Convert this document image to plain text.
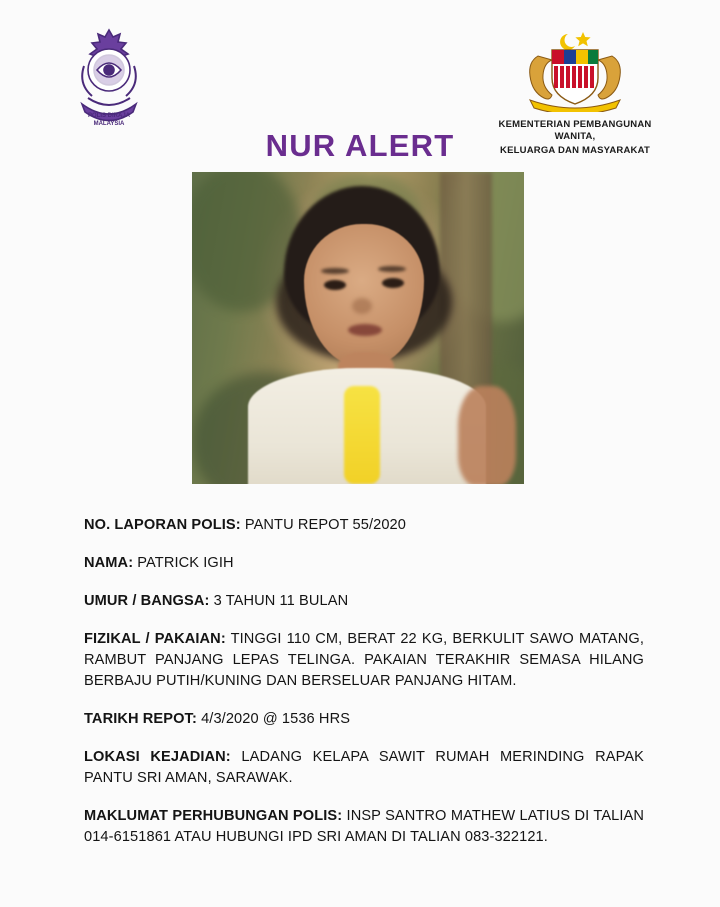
POLIS DIRAJA
MALAYSIA	KEMENTERIAN PEMBANGUNAN WANITA,
KELUARGA DAN MASYARAKAT
NUR ALERT

NO. LAPORAN POLIS: PANTU REPOT 55/2020

NAMA: PATRICK IGIH

UMUR / BANGSA: 3 TAHUN 11 BULAN

FIZIKAL / PAKAIAN: TINGGI 110 CM, BERAT 22 KG, BERKULIT SAWO MATANG, RAMBUT PANJANG LEPAS TELINGA. PAKAIAN TERAKHIR SEMASA HILANG BERBAJU PUTIH/KUNING DAN BERSELUAR PANJANG HITAM.

TARIKH REPOT: 4/3/2020 @ 1536 HRS

LOKASI KEJADIAN: LADANG KELAPA SAWIT RUMAH MERINDING RAPAK PANTU SRI AMAN, SARAWAK.

MAKLUMAT PERHUBUNGAN POLIS: INSP SANTRO MATHEW LATIUS DI TALIAN 014-6151861 ATAU HUBUNGI IPD SRI AMAN DI TALIAN 083-322121.
